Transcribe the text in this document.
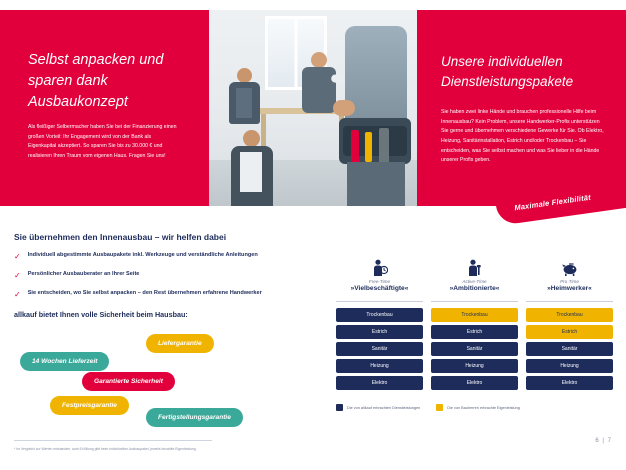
Selbst anpacken und sparen dank Ausbaukonzept
Als fleißiger Selbermacher haben Sie bei der Finanzierung einen großen Vorteil: Ihr Engagement wird von der Bank als Eigenkapital akzeptiert. So sparen Sie bis zu 30.000 € und realisieren Ihren Traum vom eigenen Haus. Fragen Sie uns!
Unsere individuellen Dienstleistungspakete
Sie haben zwei linke Hände und brauchen professionelle Hilfe beim Innenausbau? Kein Problem, unsere Handwerker-Profis unterstützen Sie gerne und übernehmen verschiedene Gewerke für Sie. Ob Elektro, Heizung, Sanitärinstallation, Estrich und/oder Trockenbau – Sie entscheiden, was Sie selbst machen und was Sie lieber in die Hände unserer Profis geben.
Maximale Flexibilität
Sie übernehmen den Innenausbau – wir helfen dabei
✓ Individuell abgestimmte Ausbaupakete inkl. Werkzeuge und verständliche Anleitungen
✓ Persönlicher Ausbauberater an Ihrer Seite
✓ Sie entscheiden, wo Sie selbst anpacken – den Rest übernehmen erfahrene Handwerker
allkauf bietet Ihnen volle Sicherheit beim Hausbau:
Liefergarantie
14 Wochen Lieferzeit
Garantierte Sicherheit
Festpreisgarantie
Fertigstellungsgarantie
Free-Time
»Vielbeschäftigte«
Trockenbau
Estrich
Sanitär
Heizung
Elektro
Active-Time
»Ambitionierte«
Trockenbau
Estrich
Sanitär
Heizung
Elektro
Pro-Time
»Heimwerker«
Trockenbau
Estrich
Sanitär
Heizung
Elektro
Die von allkauf erbrachten Dienstleistungen	Die von Bauherren erbrachte Eigenleistung
* Im Vergleich zur Werten entstanden, auch Erfüllung gibt beim individuellen Ausbaupaket, jeweils bezahlte Eigenleistung.
6 | 7
